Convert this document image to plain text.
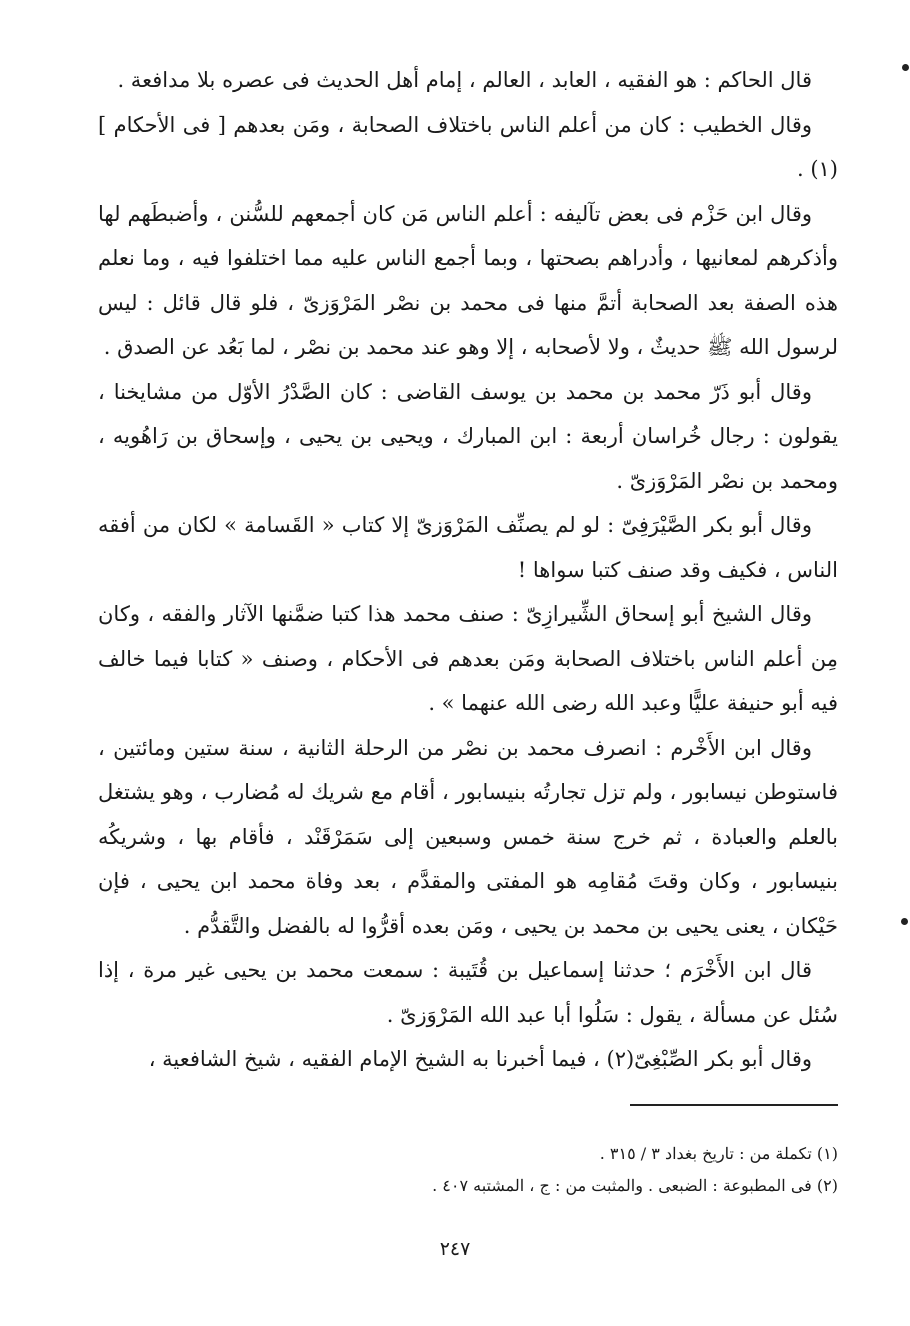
قال الحاكم : هو الفقيه ، العابد ، العالم ، إمام أهل الحديث فى عصره بلا مدافعة .

وقال الخطيب : كان من أعلم الناس باختلاف الصحابة ، ومَن بعدهم [ فى الأحكام ](١) .

وقال ابن حَزْم فى بعض تآليفه : أعلم الناس مَن كان أجمعهم للسُّنن ، وأضبطَهم لها وأذكرهم لمعانيها ، وأدراهم بصحتها ، وبما أجمع الناس عليه مما اختلفوا فيه ، وما نعلم هذه الصفة بعد الصحابة أتمَّ منها فى محمد بن نصْر المَرْوَزىّ ، فلو قال قائل : ليس لرسول الله ﷺ حديثٌ ، ولا لأصحابه ، إلا وهو عند محمد بن نصْر ، لما بَعُد عن الصدق .

وقال أبو ذَرّ محمد بن محمد بن يوسف القاضى : كان الصَّدْرُ الأوّل من مشايخنا ، يقولون : رجال خُراسان أربعة : ابن المبارك ، ويحيى بن يحيى ، وإسحاق بن رَاهُويه ، ومحمد بن نصْر المَرْوَزىّ .

وقال أبو بكر الصَّيْرَفِىّ : لو لم يصنِّف المَرْوَزىّ إلا كتاب « القَسامة » لكان من أفقه الناس ، فكيف وقد صنف كتبا سواها !

وقال الشيخ أبو إسحاق الشِّيرازِىّ : صنف محمد هذا كتبا ضمَّنها الآثار والفقه ، وكان مِن أعلم الناس باختلاف الصحابة ومَن بعدهم فى الأحكام ، وصنف « كتابا فيما خالف فيه أبو حنيفة عليًّا وعبد الله رضى الله عنهما » .

وقال ابن الأَخْرم : انصرف محمد بن نصْر من الرحلة الثانية ، سنة ستين ومائتين ، فاستوطن نيسابور ، ولم تزل تجارتُه بنيسابور ، أقام مع شريك له مُضارب ، وهو يشتغل بالعلم والعبادة ، ثم خرج سنة خمس وسبعين إلى سَمَرْقَنْد ، فأقام بها ، وشريكُه بنيسابور ، وكان وقتَ مُقامِه هو المفتى والمقدَّم ، بعد وفاة محمد ابن يحيى ، فإن حَيْكان ، يعنى يحيى بن محمد بن يحيى ، ومَن بعده أقرُّوا له بالفضل والتَّقدُّم .

قال ابن الأَخْرَم ؛ حدثنا إسماعيل بن قُتَيبة : سمعت محمد بن يحيى غير مرة ، إذا سُئل عن مسألة ، يقول : سَلُوا أبا عبد الله المَرْوَزىّ .

وقال أبو بكر الصِّبْغِىّ(٢) ، فيما أخبرنا به الشيخ الإمام الفقيه ، شيخ الشافعية ،

(١) تكملة من : تاريخ بغداد ٣ / ٣١٥ .

(٢) فى المطبوعة : الضبعى . والمثبت من : ج ، المشتبه ٤٠٧ .

٢٤٧
